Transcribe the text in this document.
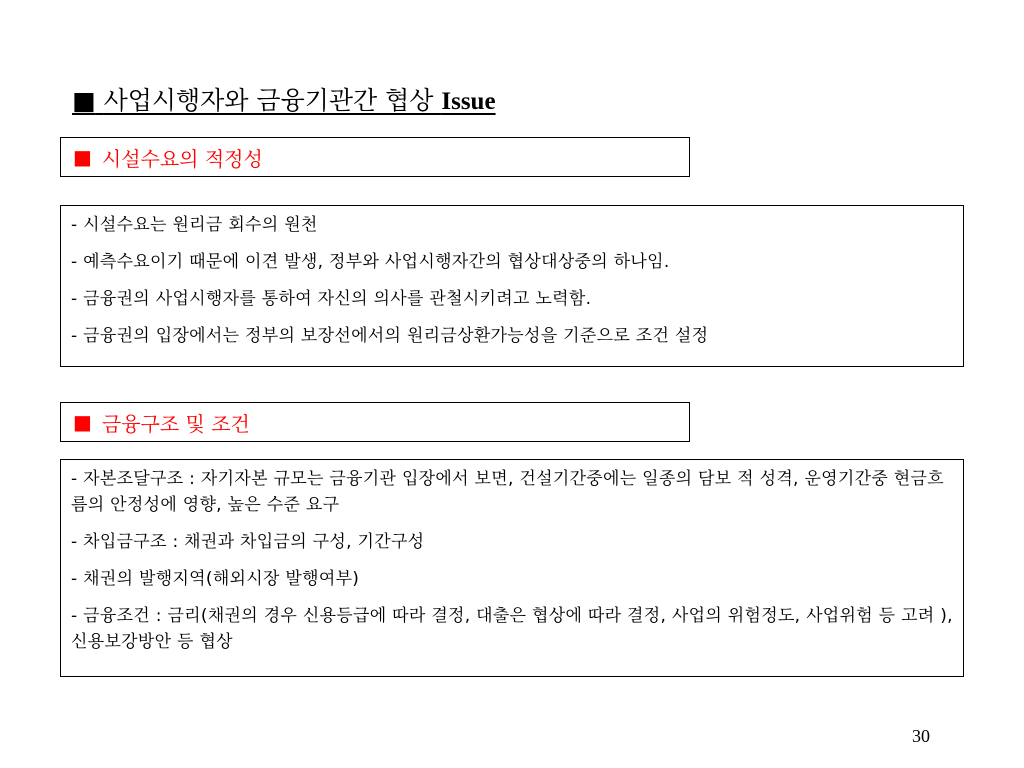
■ 사업시행자와 금융기관간 협상 Issue
■ 시설수요의 적정성
- 시설수요는 원리금 회수의 원천
- 예측수요이기 때문에 이견 발생, 정부와 사업시행자간의 협상대상중의 하나임.
- 금융권의 사업시행자를 통하여 자신의 의사를 관철시키려고 노력함.
- 금융권의 입장에서는 정부의 보장선에서의 원리금상환가능성을 기준으로 조건 설정
■ 금융구조 및 조건
- 자본조달구조 : 자기자본 규모는 금융기관 입장에서 보면, 건설기간중에는 일종의 담보 적 성격, 운영기간중 현금흐름의 안정성에 영향, 높은 수준 요구
- 차입금구조 : 채권과 차입금의 구성, 기간구성
- 채권의 발행지역(해외시장 발행여부)
- 금융조건 : 금리(채권의 경우 신용등급에 따라 결정, 대출은 협상에 따라 결정, 사업의 위험정도, 사업위험 등 고려 ), 신용보강방안 등 협상
30
